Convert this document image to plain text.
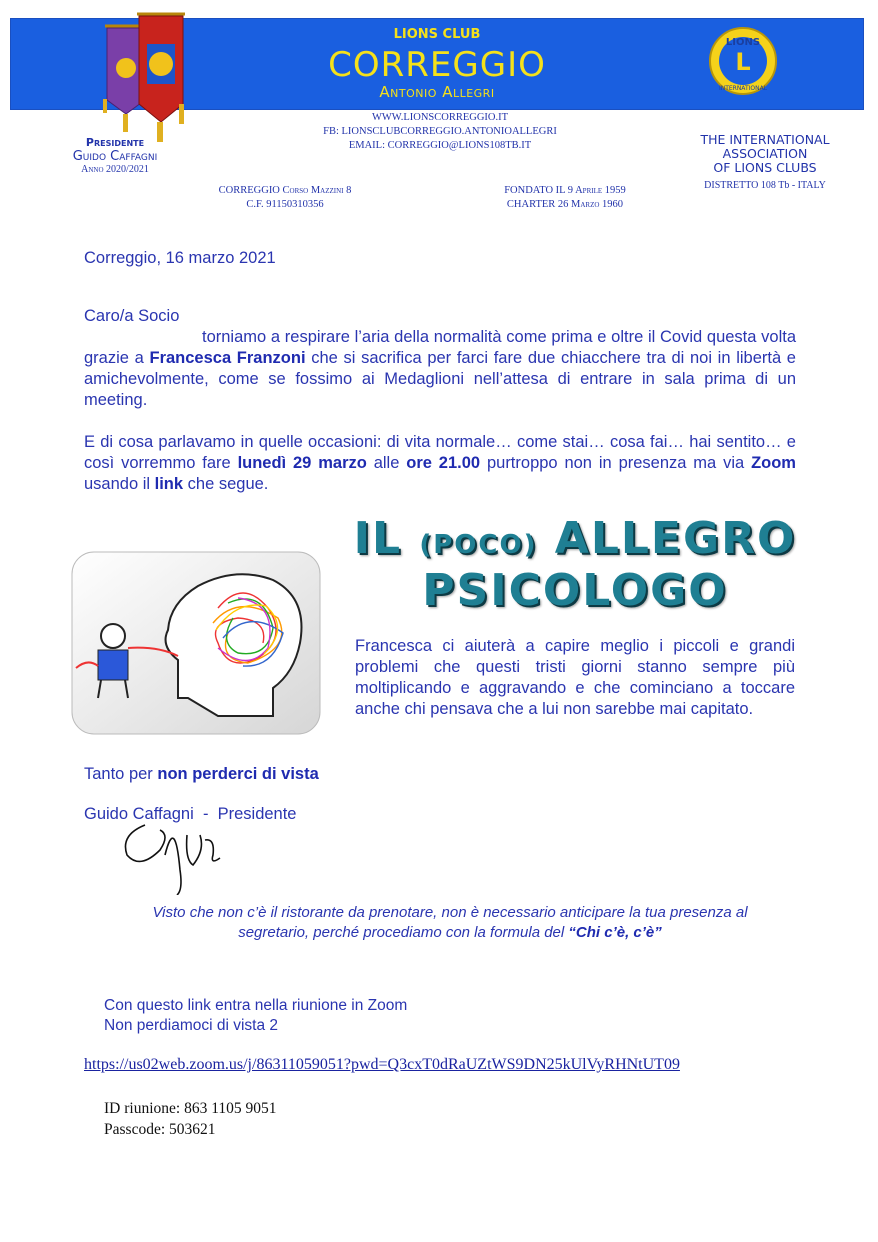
LIONS CLUB
CORREGGIO
Antonio Allegri
LIONS
L
INTERNATIONAL
WWW.LIONSCORREGGIO.IT
FB: LIONSCLUBCORREGGIO.ANTONIOALLEGRI
EMAIL: CORREGGIO@LIONS108TB.IT
Presidente
Guido Caffagni
Anno 2020/2021
THE INTERNATIONAL
ASSOCIATION
OF LIONS CLUBS
DISTRETTO 108 Tb - ITALY
CORREGGIO Corso Mazzini 8
C.F. 91150310356
FONDATO IL 9 Aprile 1959
CHARTER 26 Marzo 1960
Correggio, 16 marzo 2021
Caro/a Socio
torniamo a respirare l’aria della normalità come prima e oltre il Covid questa volta grazie a Francesca Franzoni che si sacrifica per farci fare due chiacchere tra di noi in libertà e amichevolmente, come se fossimo ai Medaglioni nell’attesa di entrare in sala prima di un meeting.
E di cosa parlavamo in quelle occasioni: di vita normale… come stai… cosa fai… hai sentito… e così vorremmo fare lunedì 29 marzo alle ore 21.00 purtroppo non in presenza ma via Zoom usando il link che segue.
IL (POCO) ALLEGRO
PSICOLOGO
Francesca ci aiuterà a capire meglio i piccoli e grandi problemi che questi tristi giorni stanno sempre più moltiplicando e aggravando e che cominciano a toccare anche chi pensava che a lui non sarebbe mai capitato.
Tanto per non perderci di vista
Guido Caffagni  -  Presidente
Visto che non c’è il ristorante da prenotare, non è necessario anticipare la tua presenza al segretario, perché procediamo con la formula del “Chi c’è, c’è”
Con questo link entra nella riunione in Zoom
Non perdiamoci di vista 2
https://us02web.zoom.us/j/86311059051?pwd=Q3cxT0dRaUZtWS9DN25kUlVyRHNtUT09
ID riunione: 863 1105 9051
Passcode: 503621
